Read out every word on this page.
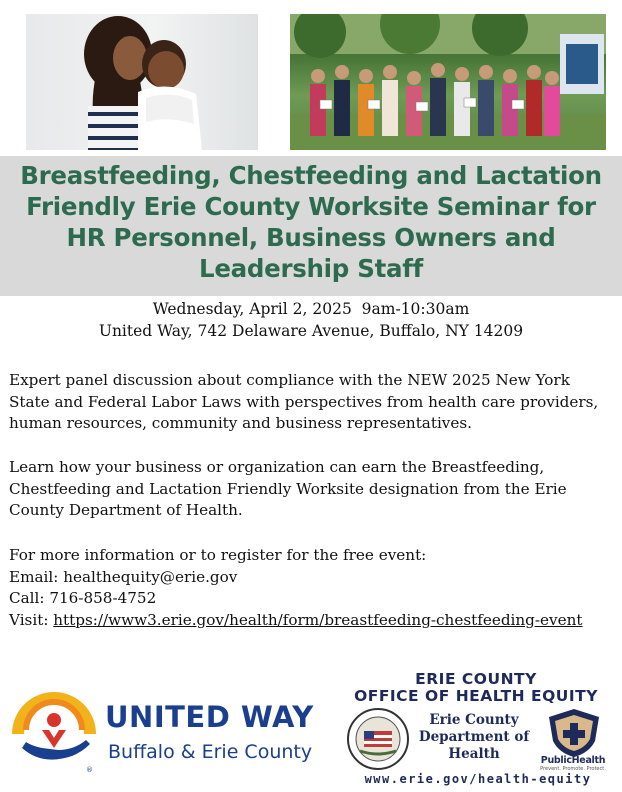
Breastfeeding, Chestfeeding and Lactation Friendly Erie County Worksite Seminar for HR Personnel, Business Owners and Leadership Staff
Wednesday, April 2, 2025  9am-10:30am
United Way, 742 Delaware Avenue, Buffalo, NY 14209
Expert panel discussion about compliance with the NEW 2025 New York State and Federal Labor Laws with perspectives from health care providers, human resources, community and business representatives.
Learn how your business or organization can earn the Breastfeeding, Chestfeeding and Lactation Friendly Worksite designation from the Erie County Department of Health.
For more information or to register for the free event:
Email: healthequity@erie.gov
Call: 716-858-4752
Visit: https://www3.erie.gov/health/form/breastfeeding-chestfeeding-event
®
UNITED WAY
Buffalo & Erie County
ERIE COUNTY
OFFICE OF HEALTH EQUITY
Erie County Department of Health	PublicHealth
Prevent. Promote. Protect.
www.erie.gov/health-equity
